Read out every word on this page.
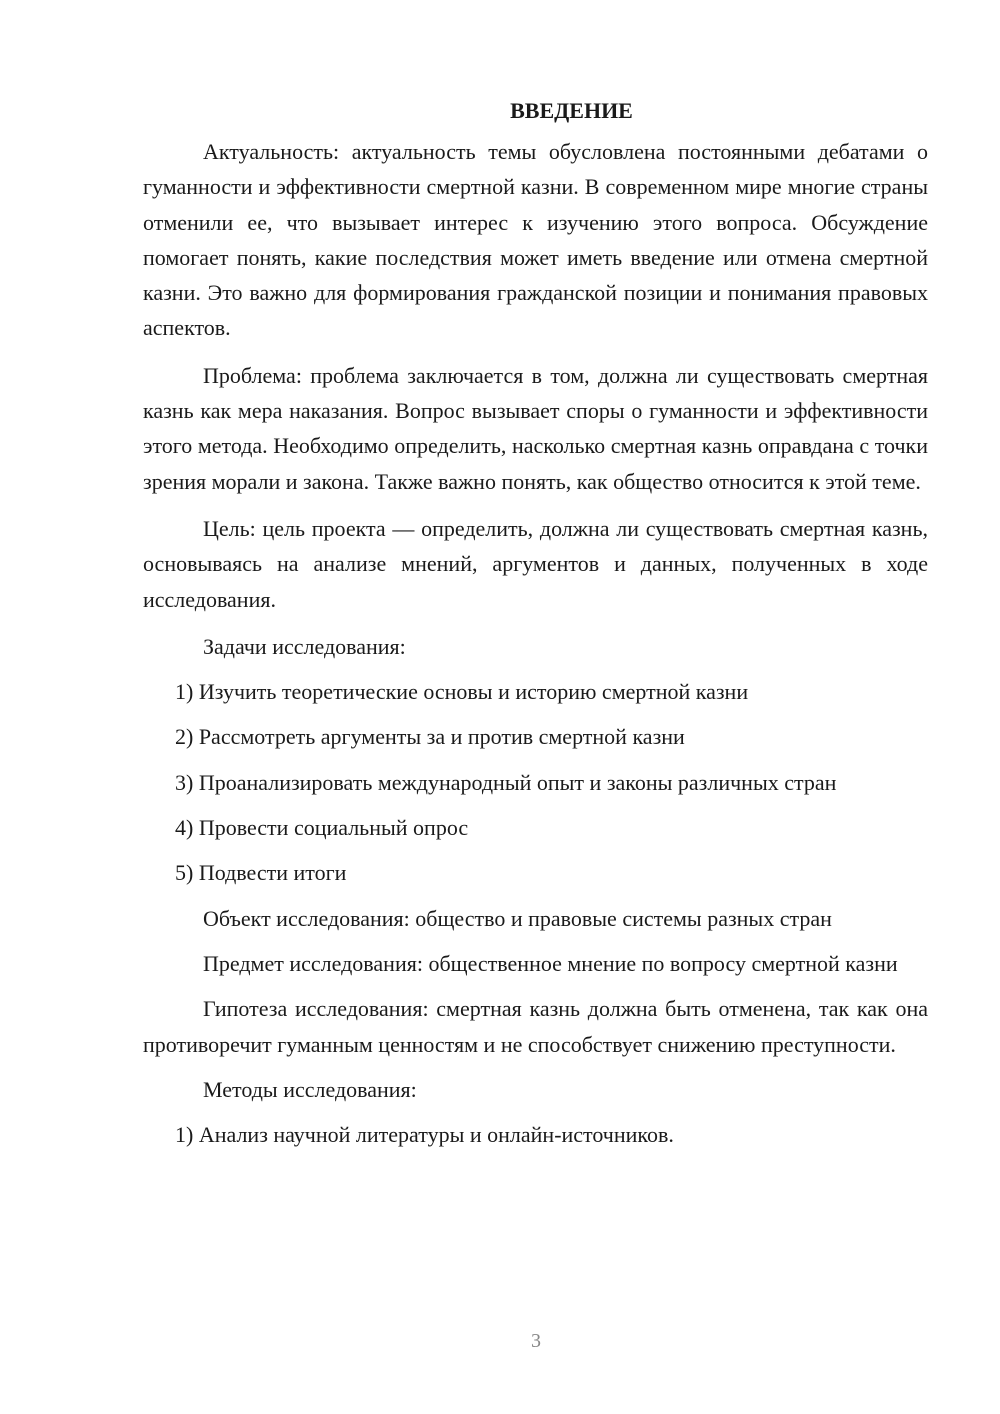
ВВЕДЕНИЕ

Актуальность: актуальность темы обусловлена постоянными дебатами о гуманности и эффективности смертной казни. В современном мире многие страны отменили ее, что вызывает интерес к изучению этого вопроса. Обсуждение помогает понять, какие последствия может иметь введение или отмена смертной казни. Это важно для формирования гражданской позиции и понимания правовых аспектов.

Проблема: проблема заключается в том, должна ли существовать смертная казнь как мера наказания. Вопрос вызывает споры о гуманности и эффективности этого метода. Необходимо определить, насколько смертная казнь оправдана с точки зрения морали и закона. Также важно понять, как общество относится к этой теме.

Цель: цель проекта — определить, должна ли существовать смертная казнь, основываясь на анализе мнений, аргументов и данных, полученных в ходе исследования.

Задачи исследования:

1) Изучить теоретические основы и историю смертной казни

2) Рассмотреть аргументы за и против смертной казни

3) Проанализировать международный опыт и законы различных стран

4) Провести социальный опрос

5) Подвести итоги

Объект исследования: общество и правовые системы разных стран

Предмет исследования: общественное мнение по вопросу смертной казни

Гипотеза исследования: смертная казнь должна быть отменена, так как она противоречит гуманным ценностям и не способствует снижению преступности.

Методы исследования:

1) Анализ научной литературы и онлайн-источников.

3
